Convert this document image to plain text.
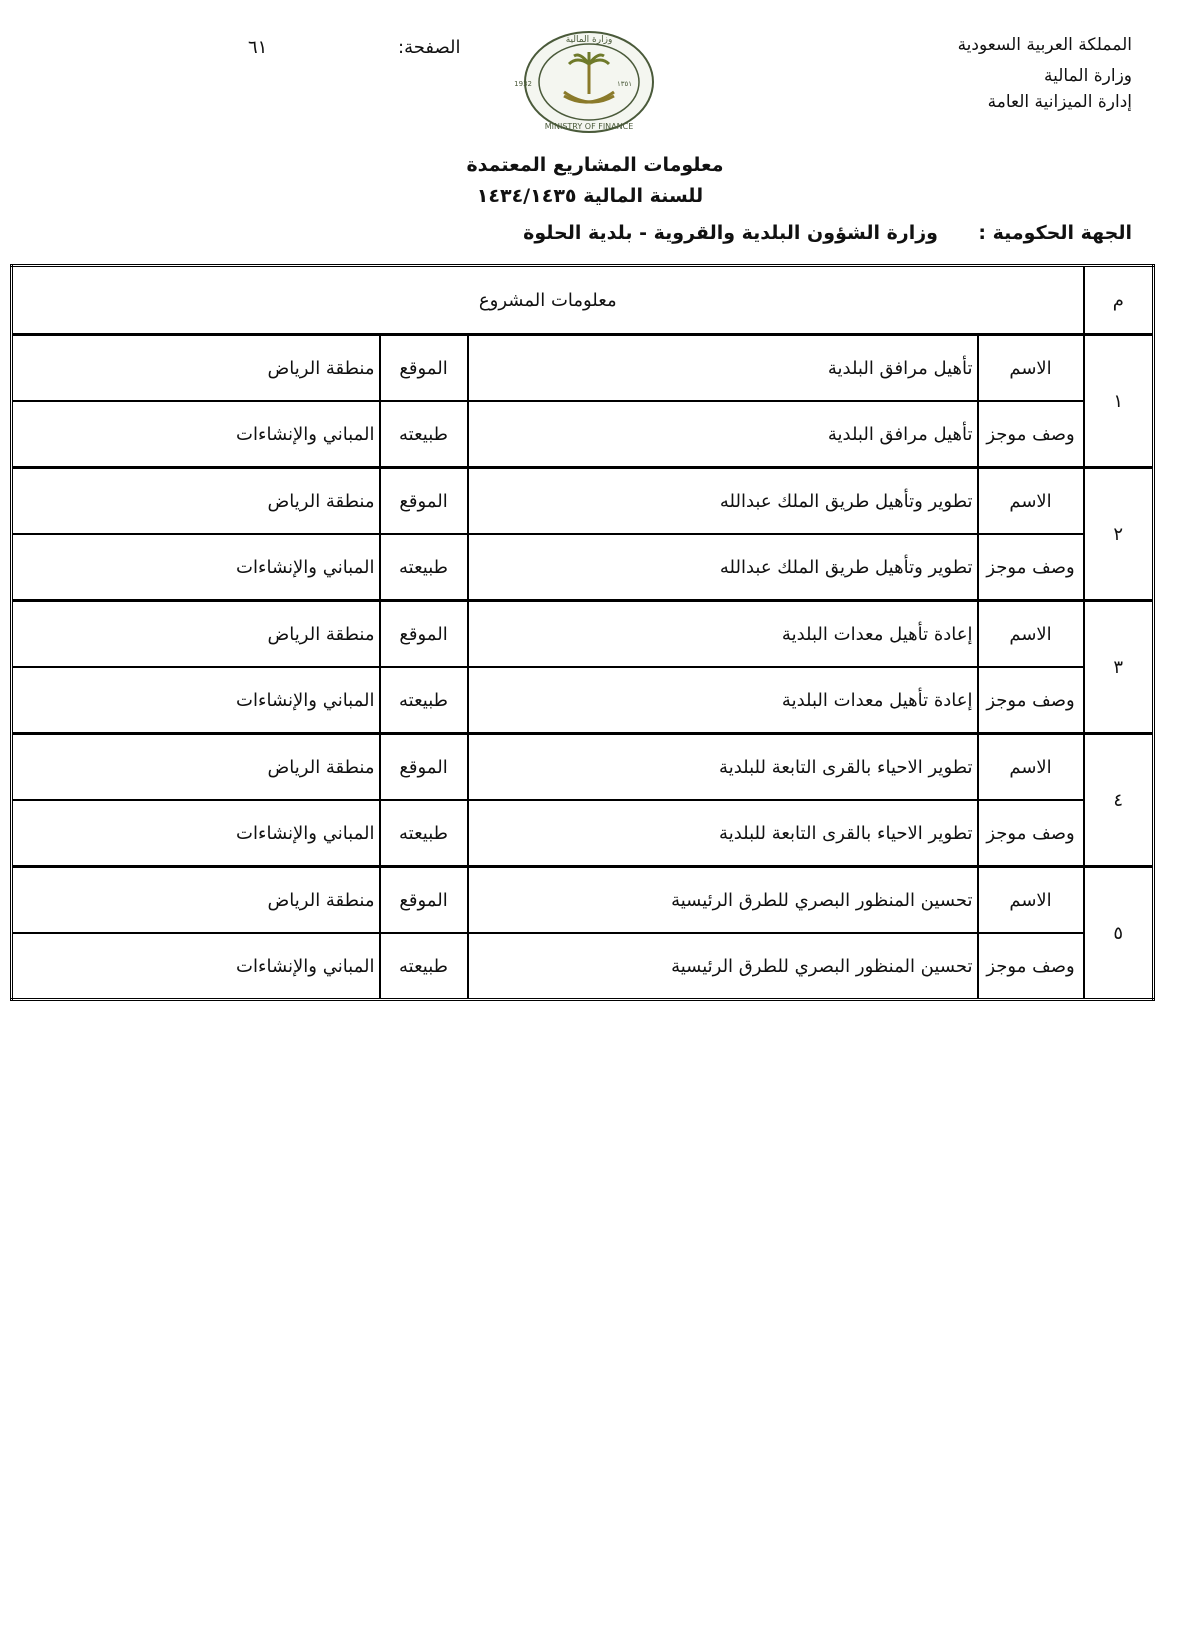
المملكة العربية السعودية
وزارة المالية
إدارة الميزانية العامة
الصفحة:
٦١	وزارة المالية
MINISTRY OF FINANCE
1932	١٣٥١
معلومات المشاريع المعتمدة
للسنة المالية ١٤٣٤/١٤٣٥
الجهة الحكومية :
وزارة الشؤون البلدية والقروية - بلدية الحلوة
م	معلومات المشروع			
١	الاسم	تأهيل مرافق البلدية	الموقع	منطقة الرياض
	وصف موجز	تأهيل مرافق البلدية	طبيعته	المباني والإنشاءات
٢	الاسم	تطوير وتأهيل طريق الملك عبدالله	الموقع	منطقة الرياض
	وصف موجز	تطوير وتأهيل طريق الملك عبدالله	طبيعته	المباني والإنشاءات
٣	الاسم	إعادة تأهيل معدات البلدية	الموقع	منطقة الرياض
	وصف موجز	إعادة تأهيل معدات البلدية	طبيعته	المباني والإنشاءات
٤	الاسم	تطوير الاحياء بالقرى التابعة للبلدية	الموقع	منطقة الرياض
	وصف موجز	تطوير الاحياء بالقرى التابعة للبلدية	طبيعته	المباني والإنشاءات
٥	الاسم	تحسين المنظور البصري للطرق الرئيسية	الموقع	منطقة الرياض
	وصف موجز	تحسين المنظور البصري للطرق الرئيسية	طبيعته	المباني والإنشاءات
